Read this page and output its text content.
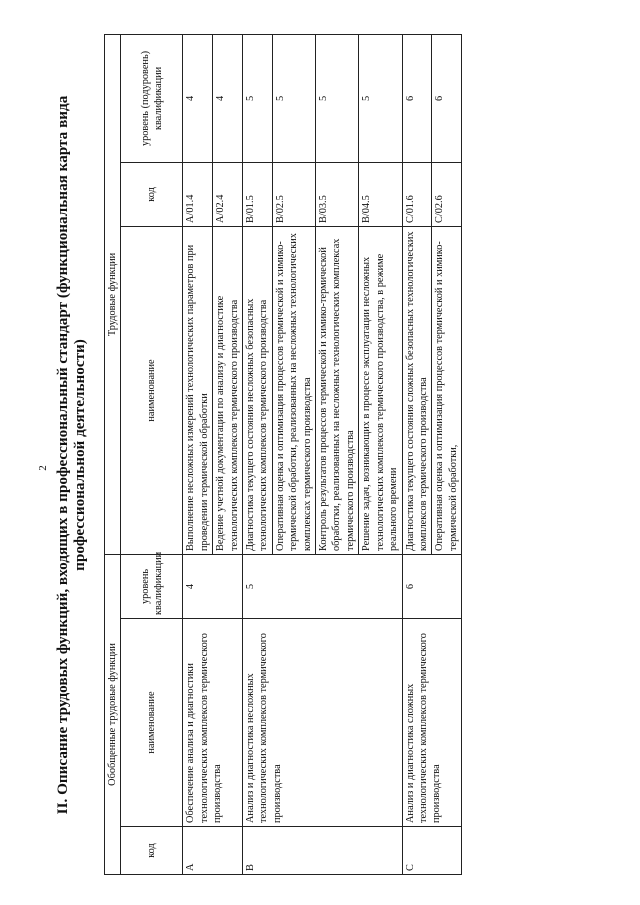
2 II. Описание трудовых функций, входящих в профессиональный стандарт (функциональная карта вида профессиональной деятельности)
Обобщенные трудовые функции			Трудовые функции		
код	наименование	уровень квалификации	наименование	код	уровень (подуровень) квалификации
A	Обеспечение анализа и диагностики технологических комплексов термического производства	4	Выполнение несложных измерений технологических параметров при проведении термической обработки	A/01.4	4
			Ведение учетной документации по анализу и диагностике технологических комплексов термического производства	A/02.4	4
B	Анализ и диагностика несложных технологических комплексов термического производства	5	Диагностика текущего состояния несложных безопасных технологических комплексов термического производства	B/01.5	5
			Оперативная оценка и оптимизация процессов термической и химико-термической обработки, реализованных на несложных технологических комплексах термического производства	B/02.5	5
			Контроль результатов процессов термической и химико-термической обработки, реализованных на несложных технологических комплексах термического производства	B/03.5	5
			Решение задач, возникающих в процессе эксплуатации несложных технологических комплексов термического производства, в режиме реального времени	B/04.5	5
C	Анализ и диагностика сложных технологических комплексов термического производства	6	Диагностика текущего состояния сложных безопасных технологических комплексов термического производства	C/01.6	6
			Оперативная оценка и оптимизация процессов термической и химико-термической обработки,	C/02.6	6
